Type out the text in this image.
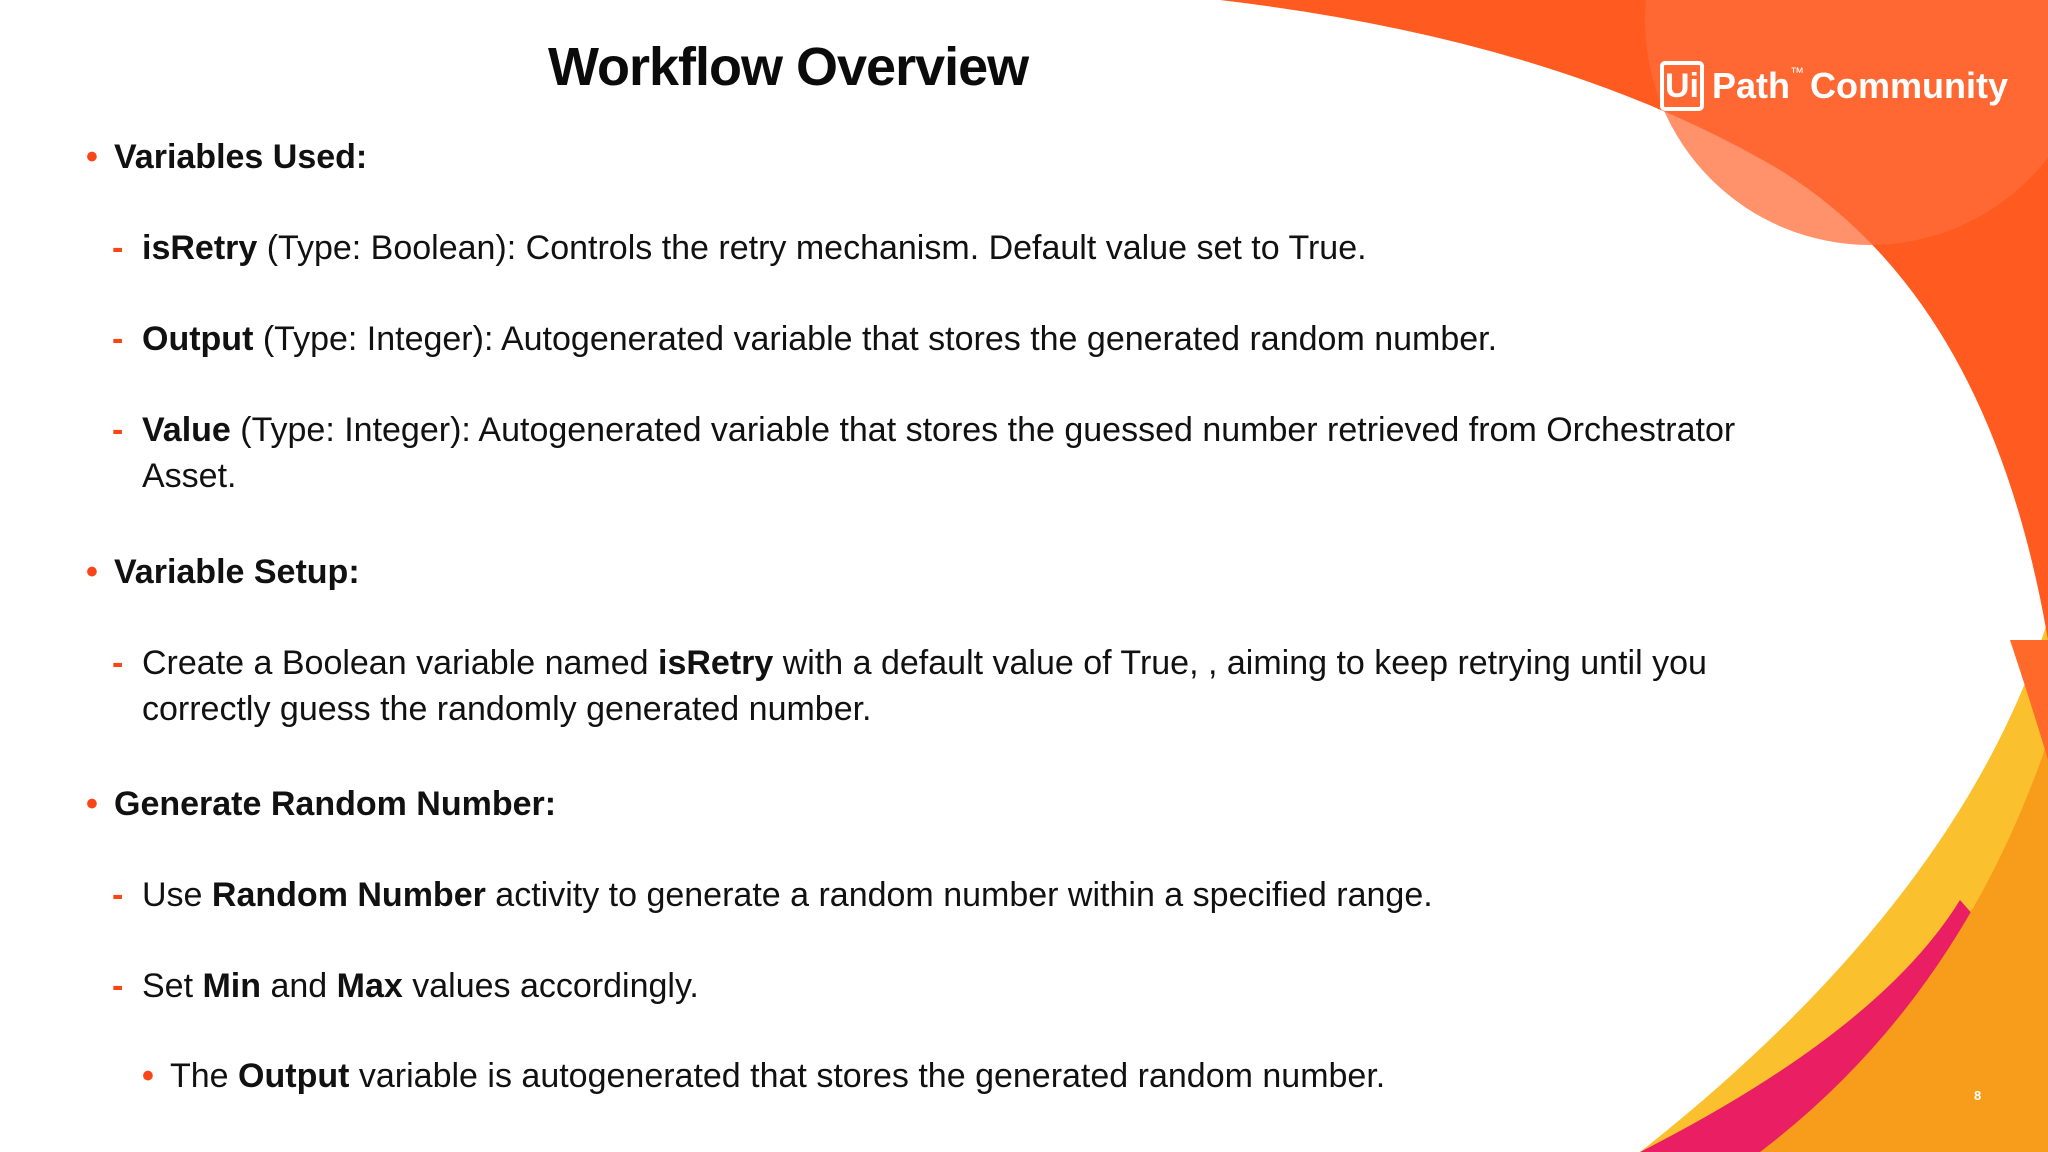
Workflow Overview	Ui Path ™ Community
• Variables Used:
- isRetry (Type: Boolean): Controls the retry mechanism. Default value set to True.
- Output (Type: Integer): Autogenerated variable that stores the generated random number.
- Value (Type: Integer): Autogenerated variable that stores the guessed number retrieved from Orchestrator
Asset.
• Variable Setup:
- Create a Boolean variable named isRetry with a default value of True, , aiming to keep retrying until you
correctly guess the randomly generated number.
• Generate Random Number:
- Use Random Number activity to generate a random number within a specified range.
- Set Min and Max values accordingly.
• The Output variable is autogenerated that stores the generated random number.
8
